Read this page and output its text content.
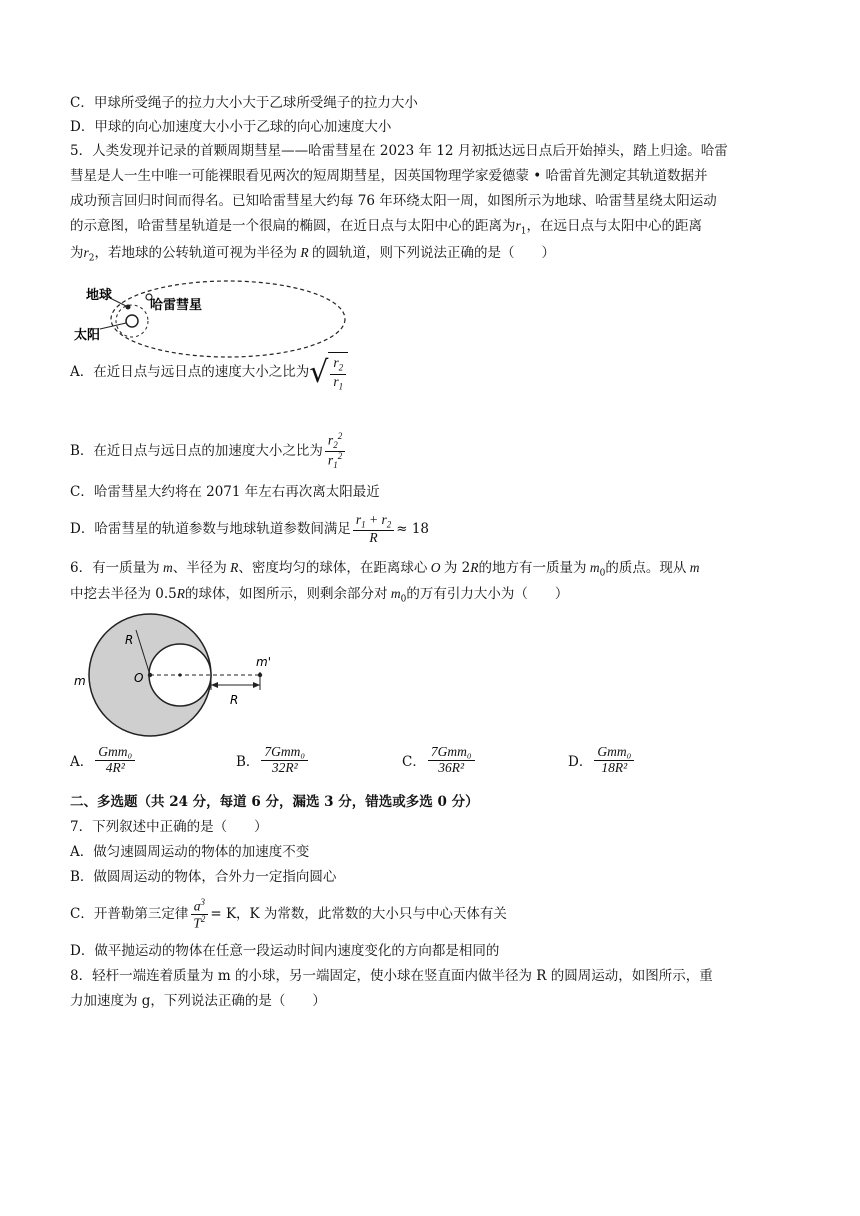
C．甲球所受绳子的拉力大小大于乙球所受绳子的拉力大小
D．甲球的向心加速度大小小于乙球的向心加速度大小
5．人类发现并记录的首颗周期彗星——哈雷彗星在 2023 年 12 月初抵达远日点后开始掉头，踏上归途。哈雷
彗星是人一生中唯一可能裸眼看见两次的短周期彗星，因英国物理学家爱德蒙 • 哈雷首先测定其轨道数据并
成功预言回归时间而得名。已知哈雷彗星大约每 76 年环绕太阳一周，如图所示为地球、哈雷彗星绕太阳运动
的示意图，哈雷彗星轨道是一个很扁的椭圆，在近日点与太阳中心的距离为$r_1$，在远日点与太阳中心的距离
为$r_2$，若地球的公转轨道可视为半径为 R 的圆轨道，则下列说法正确的是（　　）
地球
哈雷彗星
太阳
A．在近日点与远日点的速度大小之比为 √ $\frac{r_2}{r_1}$
B．在近日点与远日点的加速度大小之比为 $\frac{r_2^2}{r_1^2}$
C．哈雷彗星大约将在 2071 年左右再次离太阳最近
D．哈雷彗星的轨道参数与地球轨道参数间满足 $\frac{r_1 + r_2}{R} \approx 18$
6．有一质量为 m、半径为 R、密度均匀的球体，在距离球心 O 为 2R的地方有一质量为 $m_0$的质点。现从 m
中挖去半径为 0.5R的球体，如图所示，则剩余部分对 $m_0$的万有引力大小为（　　）
R
O
m
m'
R
A． $\frac{\text{Gmm₀}}{\text{4R²}}$	B． $\frac{\text{7Gmm₀}}{\text{32R²}}$	C． $\frac{\text{7Gmm₀}}{\text{36R²}}$	D． $\frac{\text{Gmm₀}}{\text{18R²}}$
二、多选题（共 24 分，每道 6 分，漏选 3 分，错选或多选 0 分）
7．下列叙述中正确的是（　　）
A．做匀速圆周运动的物体的加速度不变
B．做圆周运动的物体，合外力一定指向圆心
C．开普勒第三定律 $\frac{a^3}{T^2} = K$，K 为常数，此常数的大小只与中心天体有关
D．做平抛运动的物体在任意一段运动时间内速度变化的方向都是相同的
8．轻杆一端连着质量为 m 的小球，另一端固定，使小球在竖直面内做半径为 R 的圆周运动，如图所示，重
力加速度为 g，下列说法正确的是（　　）
